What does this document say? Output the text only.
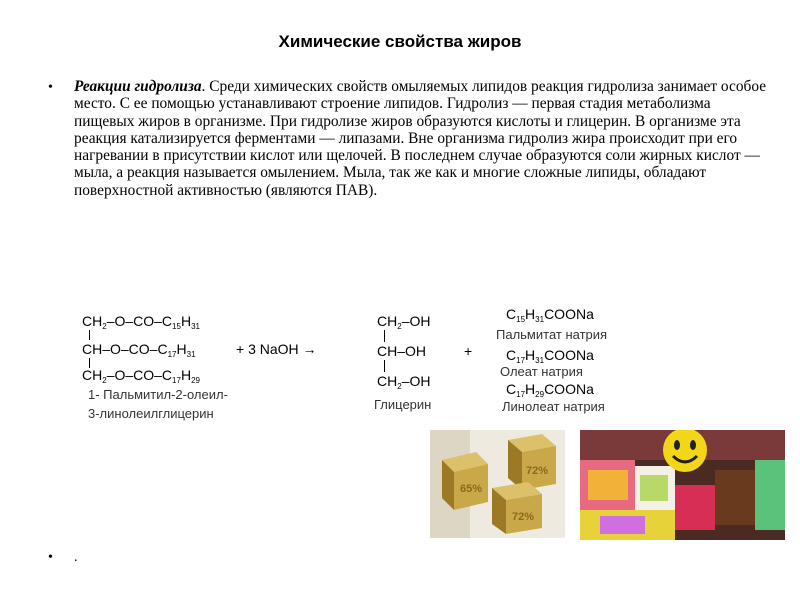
Химические свойства жиров
• Реакции гидролиза. Среди химических свойств омыляемых липидов реакция гидролиза занимает особое место. С ее помощью устанавливают строение липидов. Гидролиз — первая стадия метаболизма пищевых жиров в организме. При гидролизе жиров образуются кислоты и глицерин. В организме эта реакция катализируется ферментами — липазами. Вне организма гидролиз жира происходит при его нагревании в присутствии кислот или щелочей. В последнем случае образуются соли жирных кислот — мыла, а реакция называется омылением. Мыла, так же как и многие сложные липиды, обладают поверхностной активностью (являются ПАВ).
$CH_2-O-CO-C_{15}H_{31}$
$CH-O-CO-C_{17}H_{31}$
$CH_2-O-CO-C_{17}H_{29}$
+ 3 NaOH →
1- Пальмитил-2-олеил-
3-линолеилглицерин
$CH_2-OH$
CH–OH
$CH_2-OH$
Глицерин
+
$C_{15}H_{31}COONa$
Пальмитат натрия
$C_{17}H_{31}COONa$
Олеат натрия
$C_{17}H_{29}COONa$
Линолеат натрия
65%
72%
72%
• .
